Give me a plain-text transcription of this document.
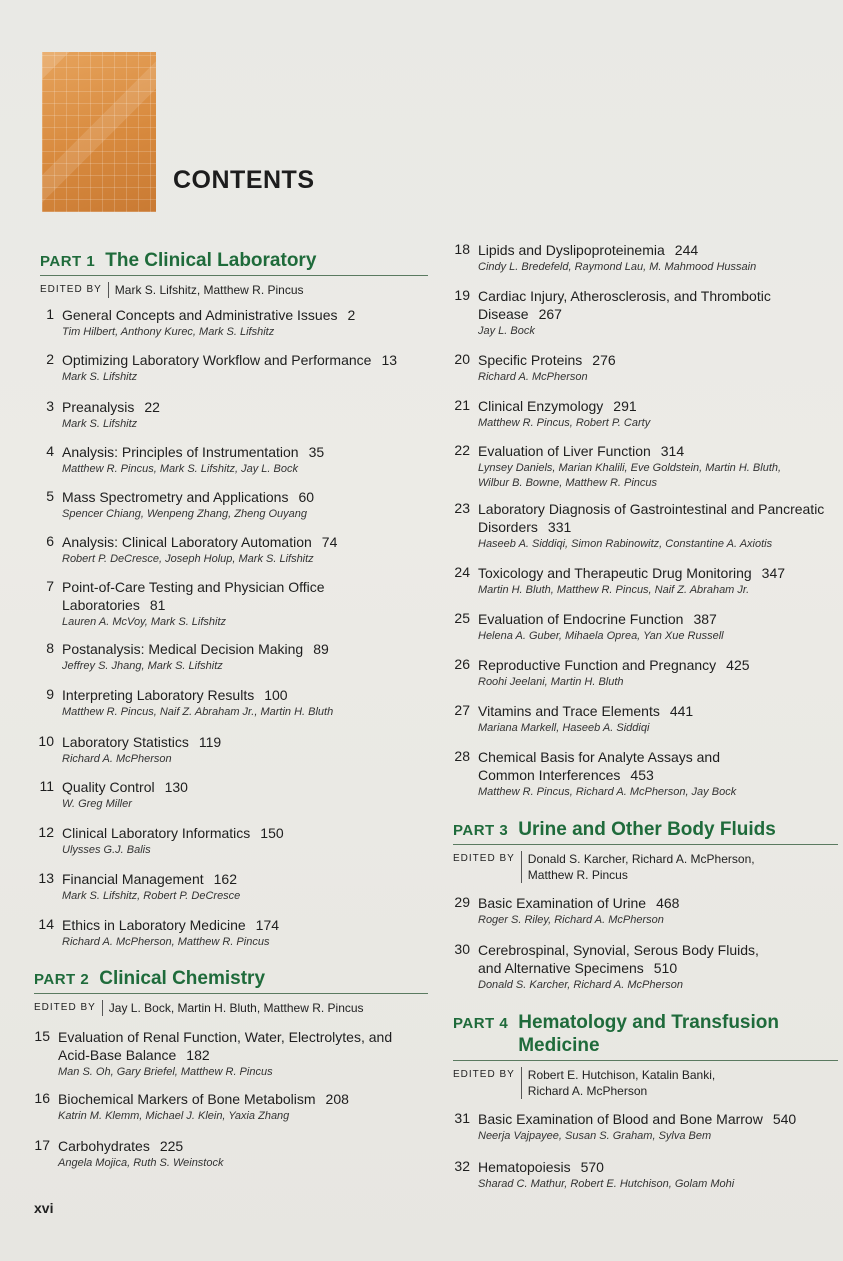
CONTENTS
PART 1 The Clinical Laboratory
EDITED BY	Mark S. Lifshitz, Matthew R. Pincus
PART 2 Clinical Chemistry
EDITED BY	Jay L. Bock, Martin H. Bluth, Matthew R. Pincus
PART 3 Urine and Other Body Fluids
EDITED BY	Donald S. Karcher, Richard A. McPherson,
Matthew R. Pincus
PART 4 Hematology and Transfusion
Medicine
EDITED BY	Robert E. Hutchison, Katalin Banki,
Richard A. McPherson
1 General Concepts and Administrative Issues 2
Tim Hilbert, Anthony Kurec, Mark S. Lifshitz
2 Optimizing Laboratory Workflow and Performance 13
Mark S. Lifshitz
3 Preanalysis 22
Mark S. Lifshitz
4 Analysis: Principles of Instrumentation 35
Matthew R. Pincus, Mark S. Lifshitz, Jay L. Bock
5 Mass Spectrometry and Applications 60
Spencer Chiang, Wenpeng Zhang, Zheng Ouyang
6 Analysis: Clinical Laboratory Automation 74
Robert P. DeCresce, Joseph Holup, Mark S. Lifshitz
7 Point-of-Care Testing and Physician Office
Laboratories 81
Lauren A. McVoy, Mark S. Lifshitz
8 Postanalysis: Medical Decision Making 89
Jeffrey S. Jhang, Mark S. Lifshitz
9 Interpreting Laboratory Results 100
Matthew R. Pincus, Naif Z. Abraham Jr., Martin H. Bluth
10 Laboratory Statistics 119
Richard A. McPherson
11 Quality Control 130
W. Greg Miller
12 Clinical Laboratory Informatics 150
Ulysses G.J. Balis
13 Financial Management 162
Mark S. Lifshitz, Robert P. DeCresce
14 Ethics in Laboratory Medicine 174
Richard A. McPherson, Matthew R. Pincus
15 Evaluation of Renal Function, Water, Electrolytes, and
Acid-Base Balance 182
Man S. Oh, Gary Briefel, Matthew R. Pincus
16 Biochemical Markers of Bone Metabolism 208
Katrin M. Klemm, Michael J. Klein, Yaxia Zhang
17 Carbohydrates 225
Angela Mojica, Ruth S. Weinstock
18 Lipids and Dyslipoproteinemia 244
Cindy L. Bredefeld, Raymond Lau, M. Mahmood Hussain
19 Cardiac Injury, Atherosclerosis, and Thrombotic
Disease 267
Jay L. Bock
20 Specific Proteins 276
Richard A. McPherson
21 Clinical Enzymology 291
Matthew R. Pincus, Robert P. Carty
22 Evaluation of Liver Function 314
Lynsey Daniels, Marian Khalili, Eve Goldstein, Martin H. Bluth,
Wilbur B. Bowne, Matthew R. Pincus
23 Laboratory Diagnosis of Gastrointestinal and Pancreatic
Disorders 331
Haseeb A. Siddiqi, Simon Rabinowitz, Constantine A. Axiotis
24 Toxicology and Therapeutic Drug Monitoring 347
Martin H. Bluth, Matthew R. Pincus, Naif Z. Abraham Jr.
25 Evaluation of Endocrine Function 387
Helena A. Guber, Mihaela Oprea, Yan Xue Russell
26 Reproductive Function and Pregnancy 425
Roohi Jeelani, Martin H. Bluth
27 Vitamins and Trace Elements 441
Mariana Markell, Haseeb A. Siddiqi
28 Chemical Basis for Analyte Assays and
Common Interferences 453
Matthew R. Pincus, Richard A. McPherson, Jay Bock
29 Basic Examination of Urine 468
Roger S. Riley, Richard A. McPherson
30 Cerebrospinal, Synovial, Serous Body Fluids,
and Alternative Specimens 510
Donald S. Karcher, Richard A. McPherson
31 Basic Examination of Blood and Bone Marrow 540
Neerja Vajpayee, Susan S. Graham, Sylva Bem
32 Hematopoiesis 570
Sharad C. Mathur, Robert E. Hutchison, Golam Mohi
xvi
